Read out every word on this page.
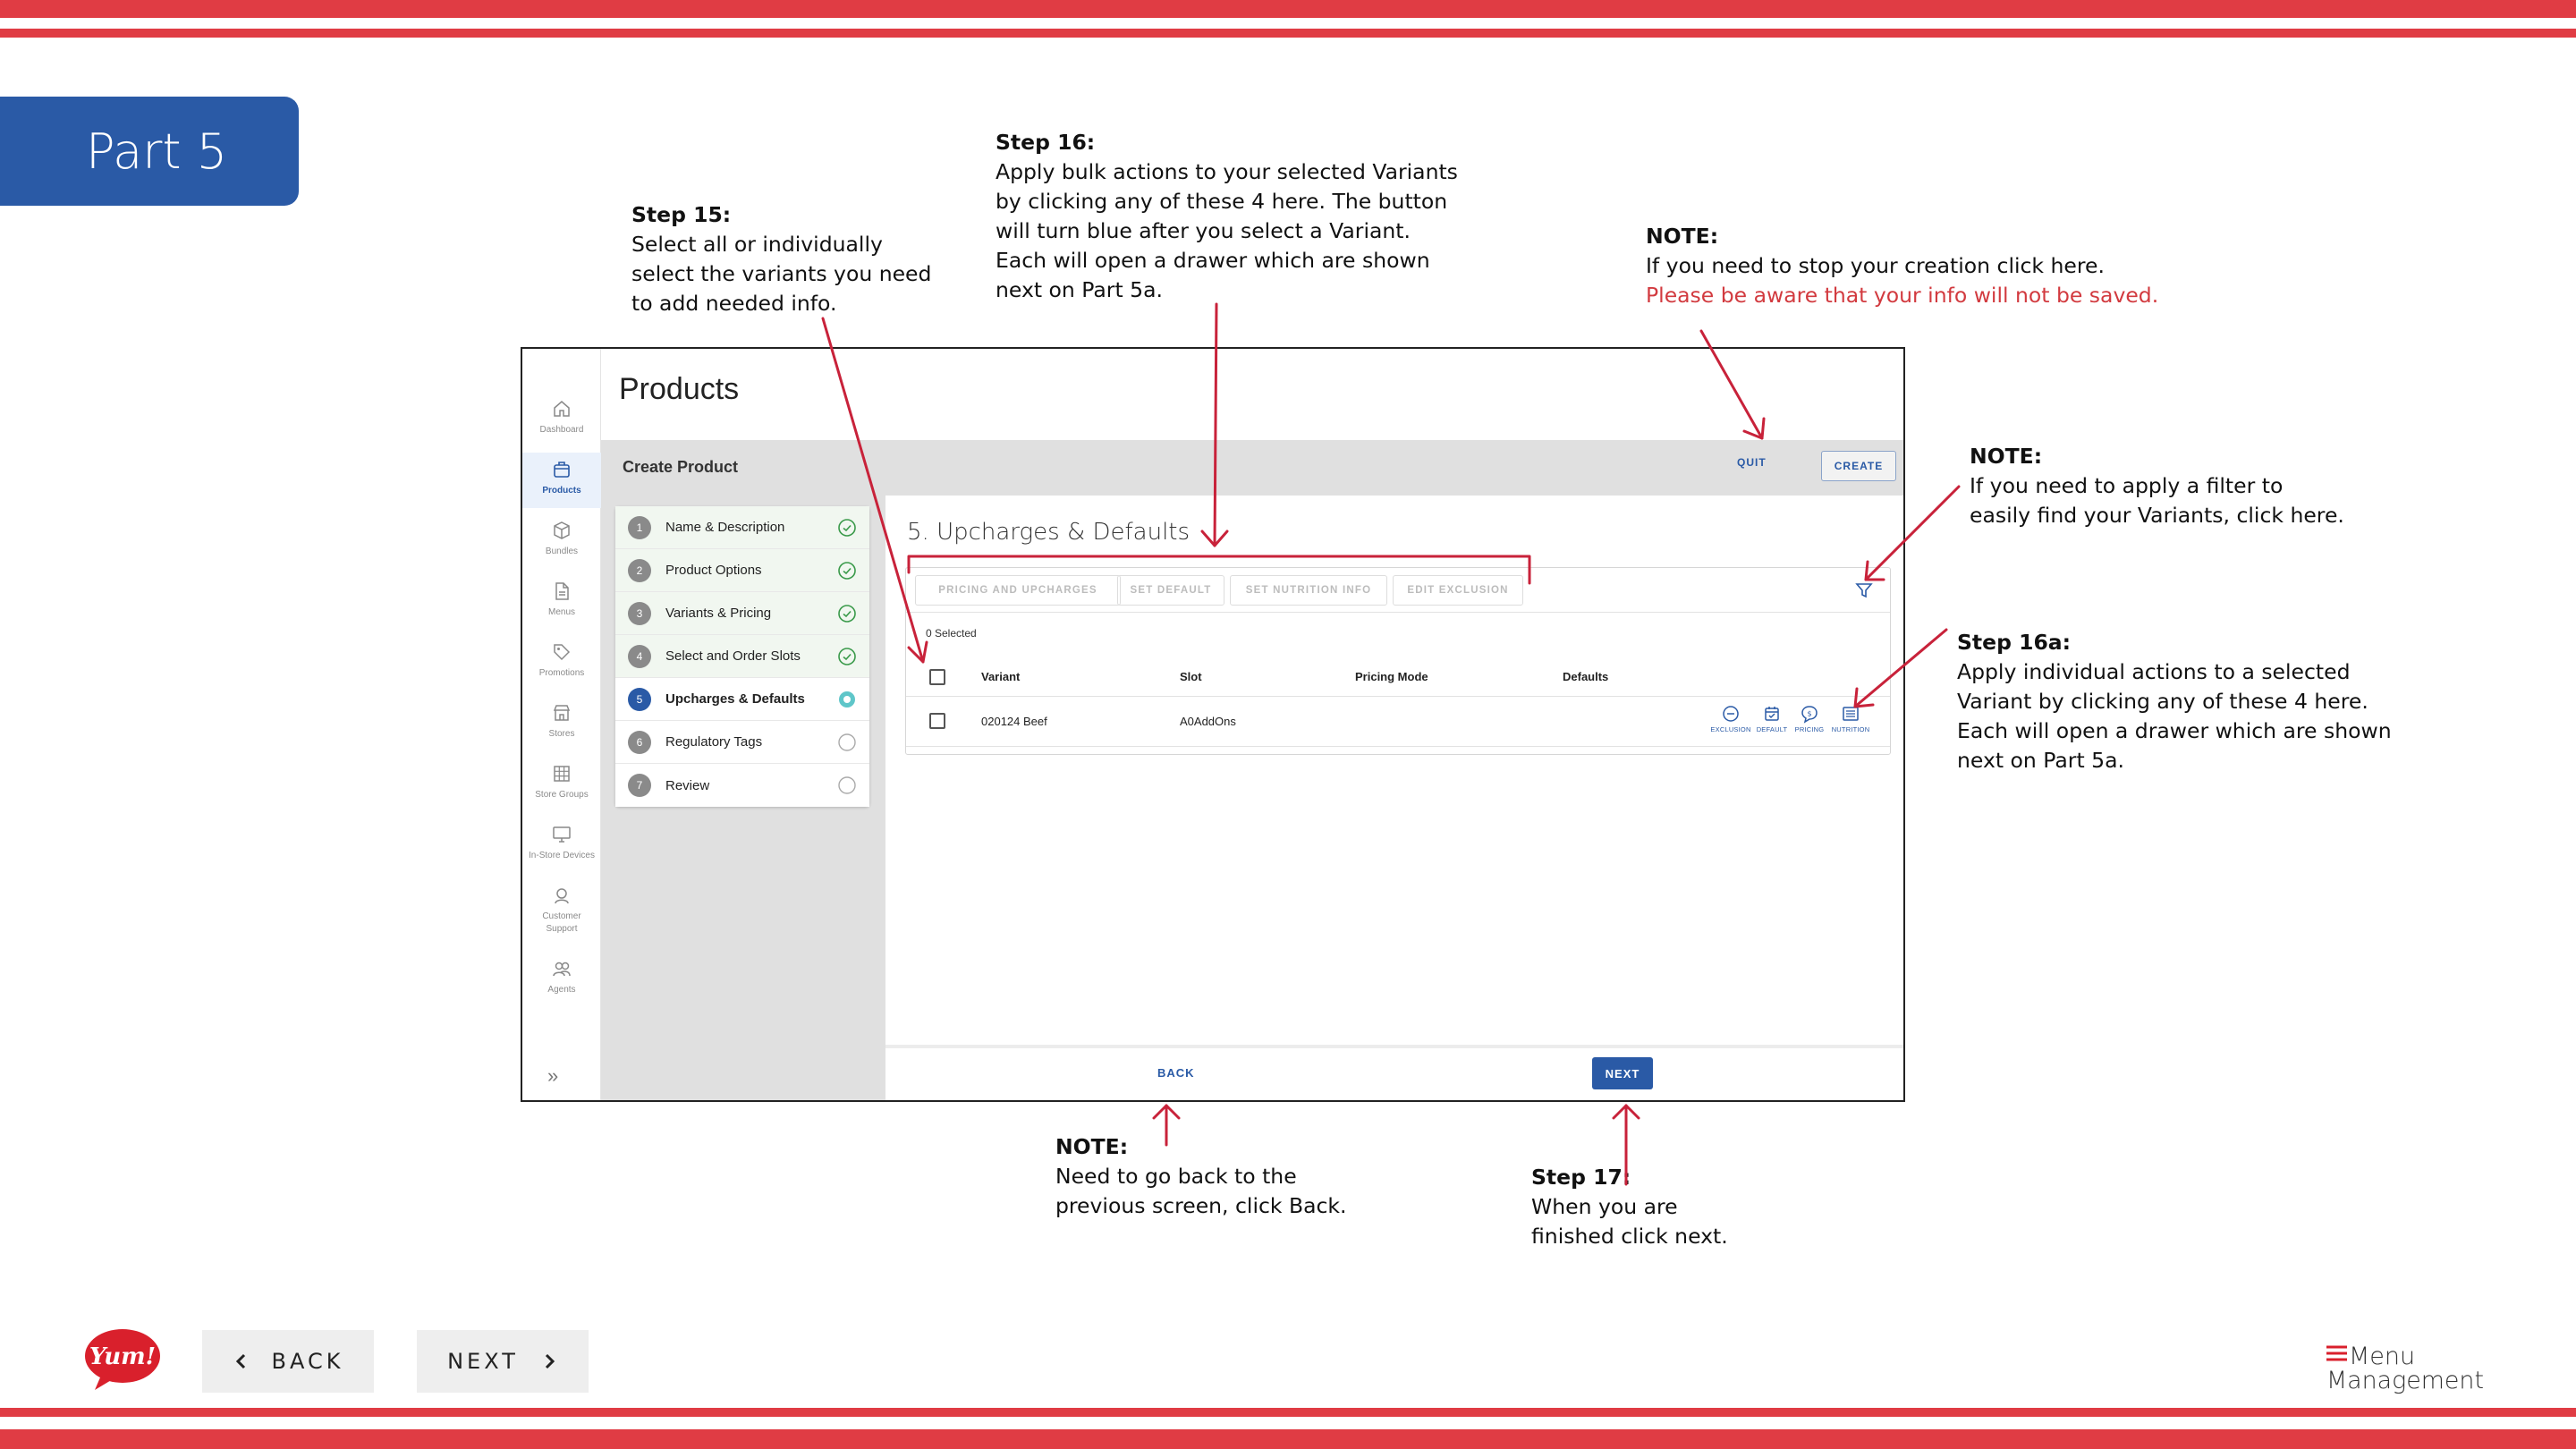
Part 5
Step 15:
Select all or individually
select the variants you need
to add needed info.
Step 16:
Apply bulk actions to your selected Variants
by clicking any of these 4 here. The button
will turn blue after you select a Variant.
Each will open a drawer which are shown
next on Part 5a.
NOTE:
If you need to stop your creation click here.
Please be aware that your info will not be saved.
NOTE:
If you need to apply a filter to
easily find your Variants, click here.
Step 16a:
Apply individual actions to a selected
Variant by clicking any of these 4 here.
Each will open a drawer which are shown
next on Part 5a.
NOTE:
Need to go back to the
previous screen, click Back.
Step 17:
When you are
finished click next.
Dashboard
Products
Bundles
Menus
Promotions
Stores
Store Groups
In-Store Devices
Customer Support
Agents
»
Products
Create Product	QUIT	CREATE
1	Name & Description
2	Product Options
3	Variants & Pricing
4	Select and Order Slots
5	Upcharges & Defaults
6	Regulatory Tags
7	Review
5. Upcharges & Defaults
PRICING AND UPCHARGES	SET DEFAULT	SET NUTRITION INFO	EDIT EXCLUSION
0 Selected
Variant	Slot	Pricing Mode	Defaults
020124 Beef	A0AddOns
EXCLUSION DEFAULT
$
PRICING NUTRITION
BACK	NEXT
BACK	NEXT
Yum!	Menu
Management
